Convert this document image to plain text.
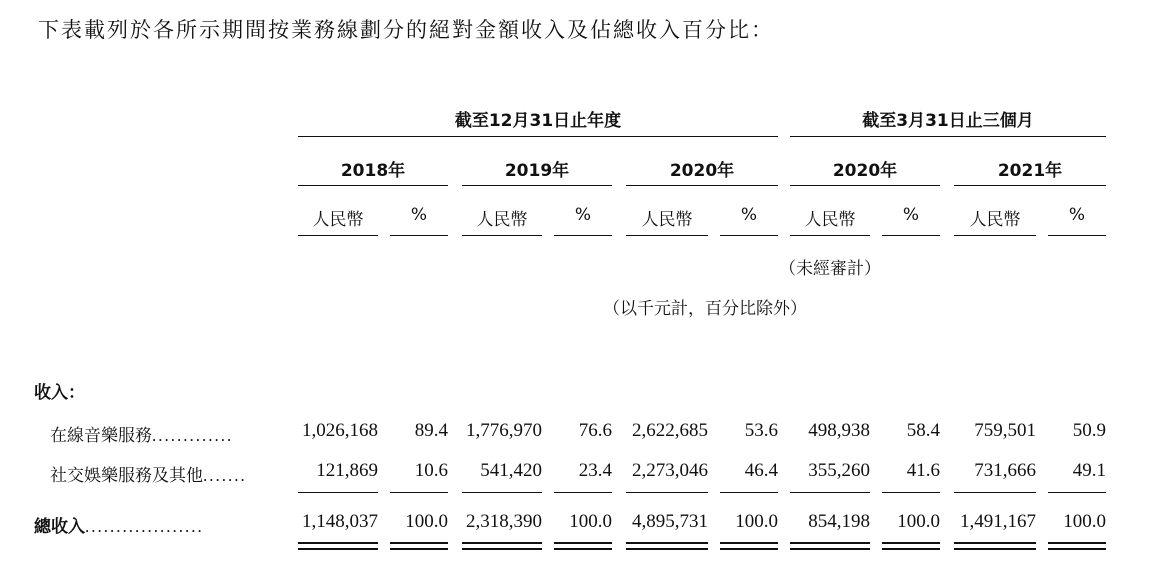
下表載列於各所示期間按業務線劃分的絕對金額收入及佔總收入百分比：
截至12月31日止年度	截至3月31日止三個月
2018年	2019年	2020年	2020年	2021年
人民幣	%	人民幣	%	人民幣	%	人民幣	%	人民幣	%
（未經審計）
（以千元計，百分比除外）
收入：
在線音樂服務.............	1,026,168	89.4 1,776,970	76.6	2,622,685	53.6	498,938	58.4	759,501	50.9
社交娛樂服務及其他.......	121,869	10.6	541,420	23.4	2,273,046	46.4	355,260	41.6	731,666	49.1
總收入...................	1,148,037	100.0 2,318,390	100.0	4,895,731	100.0	854,198	100.0	1,491,167	100.0
